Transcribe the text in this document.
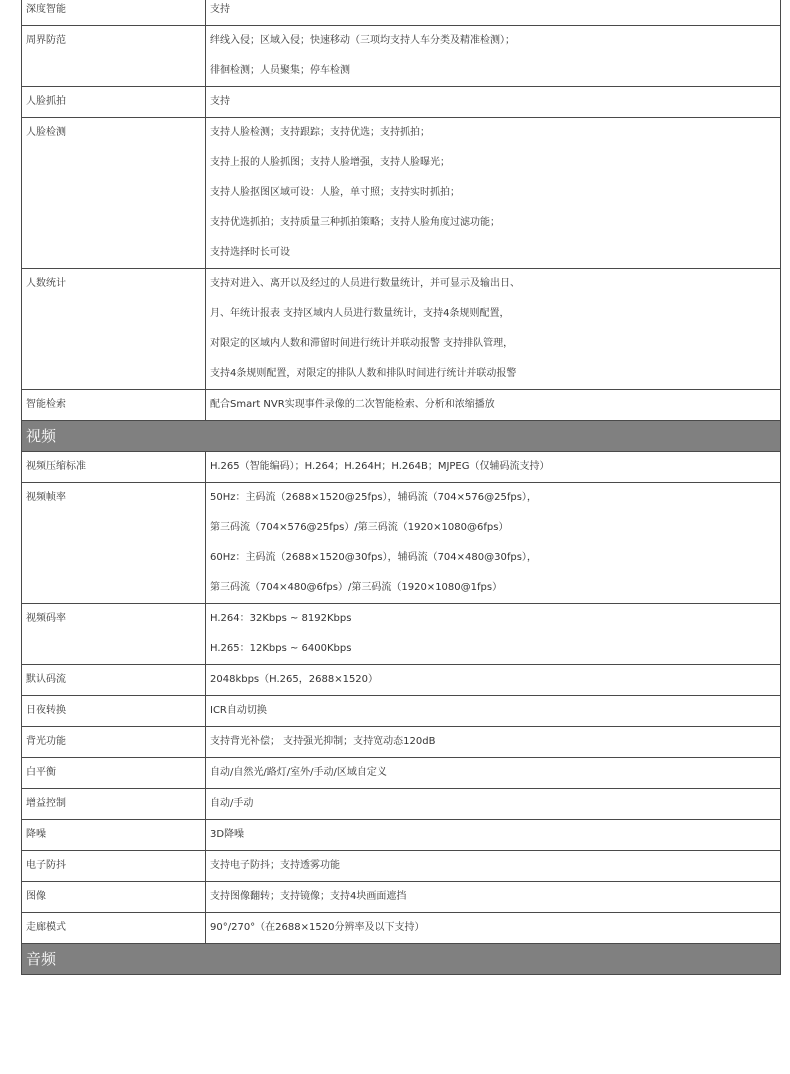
深度智能	支持

周界防范	绊线入侵；区域入侵；快速移动（三项均支持人车分类及精准检测）；
徘徊检测；人员聚集；停车检测

人脸抓拍	支持

人脸检测	支持人脸检测；支持跟踪；支持优选；支持抓拍；
支持上报的人脸抓图；支持人脸增强，支持人脸曝光；
支持人脸抠图区域可设：人脸，单寸照；支持实时抓拍；
支持优选抓拍；支持质量三种抓拍策略；支持人脸角度过滤功能；
支持选择时长可设

人数统计	支持对进入、离开以及经过的人员进行数量统计，并可显示及输出日、
月、年统计报表 支持区域内人员进行数量统计，支持4条规则配置，
对限定的区域内人数和滞留时间进行统计并联动报警 支持排队管理，
支持4条规则配置，对限定的排队人数和排队时间进行统计并联动报警

智能检索	配合Smart NVR实现事件录像的二次智能检索、分析和浓缩播放

视频	

视频压缩标准	H.265（智能编码）；H.264；H.264H；H.264B；MJPEG（仅辅码流支持）

视频帧率	50Hz：主码流（2688×1520@25fps），辅码流（704×576@25fps），
第三码流（704×576@25fps）/第三码流（1920×1080@6fps）
60Hz：主码流（2688×1520@30fps），辅码流（704×480@30fps），
第三码流（704×480@6fps）/第三码流（1920×1080@1fps）

视频码率	H.264：32Kbps ~ 8192Kbps
H.265：12Kbps ~ 6400Kbps

默认码流	2048kbps（H.265，2688×1520）

日夜转换	ICR自动切换

背光功能	支持背光补偿； 支持强光抑制；支持宽动态120dB

白平衡	自动/自然光/路灯/室外/手动/区域自定义

增益控制	自动/手动

降噪	3D降噪

电子防抖	支持电子防抖；支持透雾功能

图像	支持图像翻转；支持镜像；支持4块画面遮挡

走廊模式	90°/270°（在2688×1520分辨率及以下支持）

音频	
